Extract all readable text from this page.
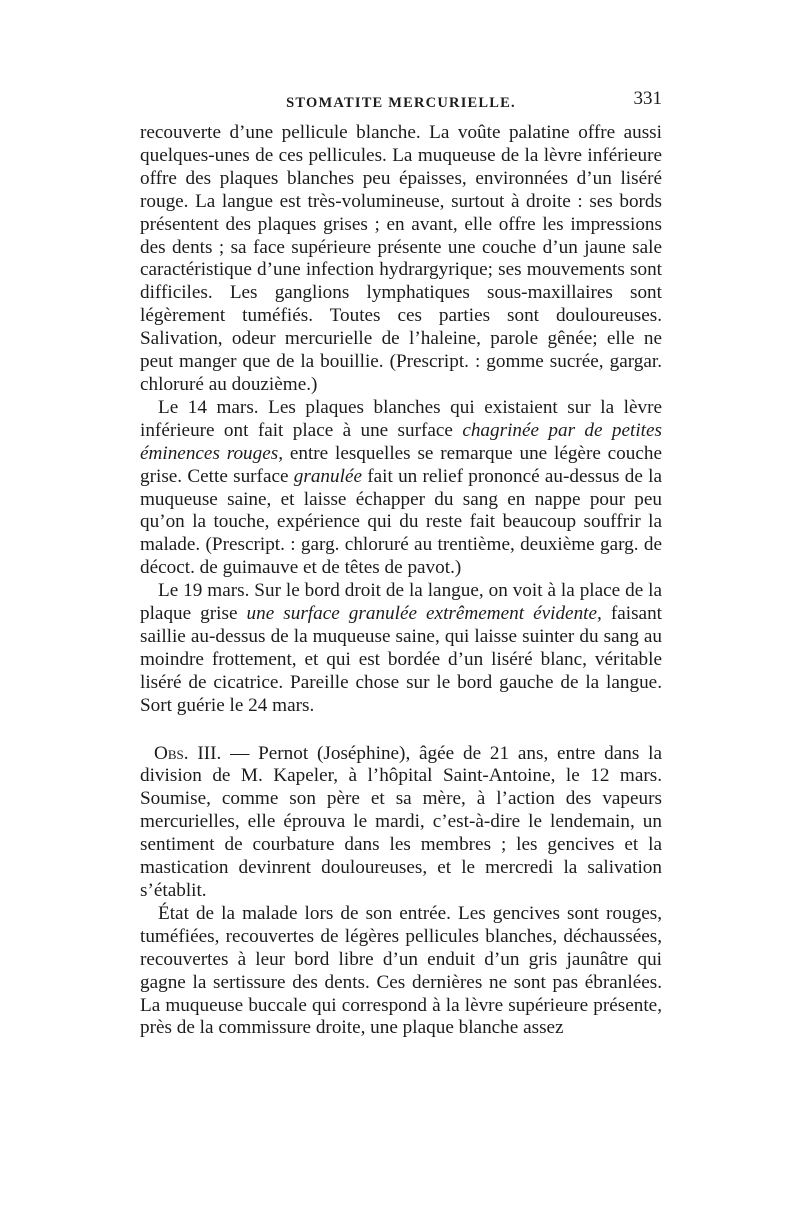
STOMATITE MERCURIELLE.	331

recouverte d’une pellicule blanche. La voûte palatine offre aussi quelques-unes de ces pellicules. La muqueuse de la lèvre inférieure offre des plaques blanches peu épaisses, environnées d’un liséré rouge. La langue est très-volumineuse, surtout à droite : ses bords présentent des plaques grises ; en avant, elle offre les impressions des dents ; sa face supérieure présente une couche d’un jaune sale caractéristique d’une infection hydrargyrique; ses mouvements sont difficiles. Les ganglions lymphatiques sous-maxillaires sont légèrement tuméfiés. Toutes ces parties sont douloureuses. Salivation, odeur mercurielle de l’haleine, parole gênée; elle ne peut manger que de la bouillie. (Prescript. : gomme sucrée, gargar. chloruré au douzième.)

Le 14 mars. Les plaques blanches qui existaient sur la lèvre inférieure ont fait place à une surface chagrinée par de petites éminences rouges, entre lesquelles se remarque une légère couche grise. Cette surface granulée fait un relief prononcé au-dessus de la muqueuse saine, et laisse échapper du sang en nappe pour peu qu’on la touche, expérience qui du reste fait beaucoup souffrir la malade. (Prescript. : garg. chloruré au trentième, deuxième garg. de décoct. de guimauve et de têtes de pavot.)

Le 19 mars. Sur le bord droit de la langue, on voit à la place de la plaque grise une surface granulée extrêmement évidente, faisant saillie au-dessus de la muqueuse saine, qui laisse suinter du sang au moindre frottement, et qui est bordée d’un liséré blanc, véritable liséré de cicatrice. Pareille chose sur le bord gauche de la langue. Sort guérie le 24 mars.

Obs. III. — Pernot (Joséphine), âgée de 21 ans, entre dans la division de M. Kapeler, à l’hôpital Saint-Antoine, le 12 mars. Soumise, comme son père et sa mère, à l’action des vapeurs mercurielles, elle éprouva le mardi, c’est-à-dire le lendemain, un sentiment de courbature dans les membres ; les gencives et la mastication devinrent douloureuses, et le mercredi la salivation s’établit.

État de la malade lors de son entrée. Les gencives sont rouges, tuméfiées, recouvertes de légères pellicules blanches, déchaussées, recouvertes à leur bord libre d’un enduit d’un gris jaunâtre qui gagne la sertissure des dents. Ces dernières ne sont pas ébranlées. La muqueuse buccale qui correspond à la lèvre supérieure présente, près de la commissure droite, une plaque blanche assez
